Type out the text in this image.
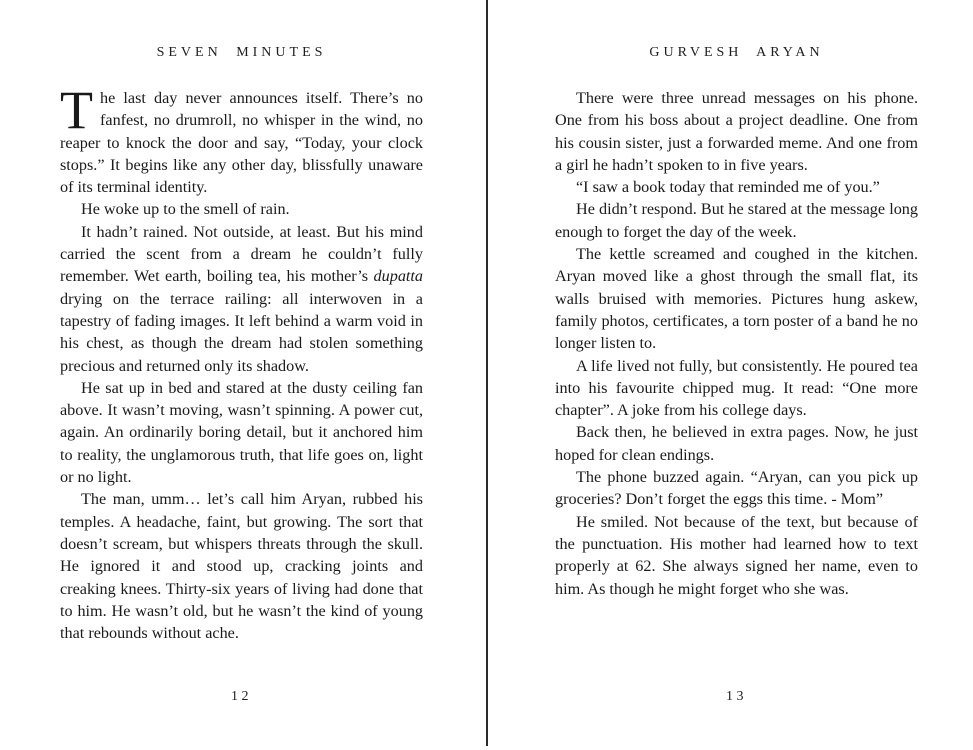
SEVEN MINUTES

The last day never announces itself. There’s no fanfest, no drumroll, no whisper in the wind, no reaper to knock the door and say, “Today, your clock stops.” It begins like any other day, blissfully unaware of its terminal identity.

He woke up to the smell of rain.

It hadn’t rained. Not outside, at least. But his mind carried the scent from a dream he couldn’t fully remember. Wet earth, boiling tea, his mother’s dupatta drying on the terrace railing: all interwoven in a tapestry of fading images. It left behind a warm void in his chest, as though the dream had stolen something precious and returned only its shadow.

He sat up in bed and stared at the dusty ceiling fan above. It wasn’t moving, wasn’t spinning. A power cut, again. An ordinarily boring detail, but it anchored him to reality, the unglamorous truth, that life goes on, light or no light.

The man, umm… let’s call him Aryan, rubbed his temples. A headache, faint, but growing. The sort that doesn’t scream, but whispers threats through the skull. He ignored it and stood up, cracking joints and creaking knees. Thirty-six years of living had done that to him. He wasn’t old, but he wasn’t the kind of young that rebounds without ache.

12
GURVESH ARYAN

There were three unread messages on his phone. One from his boss about a project deadline. One from his cousin sister, just a forwarded meme. And one from a girl he hadn’t spoken to in five years.

“I saw a book today that reminded me of you.”

He didn’t respond. But he stared at the message long enough to forget the day of the week.

The kettle screamed and coughed in the kitchen. Aryan moved like a ghost through the small flat, its walls bruised with memories. Pictures hung askew, family photos, certificates, a torn poster of a band he no longer listen to.

A life lived not fully, but consistently. He poured tea into his favourite chipped mug. It read: “One more chapter”. A joke from his college days.

Back then, he believed in extra pages. Now, he just hoped for clean endings.

The phone buzzed again. “Aryan, can you pick up groceries? Don’t forget the eggs this time. - Mom”

He smiled. Not because of the text, but because of the punctuation. His mother had learned how to text properly at 62. She always signed her name, even to him. As though he might forget who she was.

13
